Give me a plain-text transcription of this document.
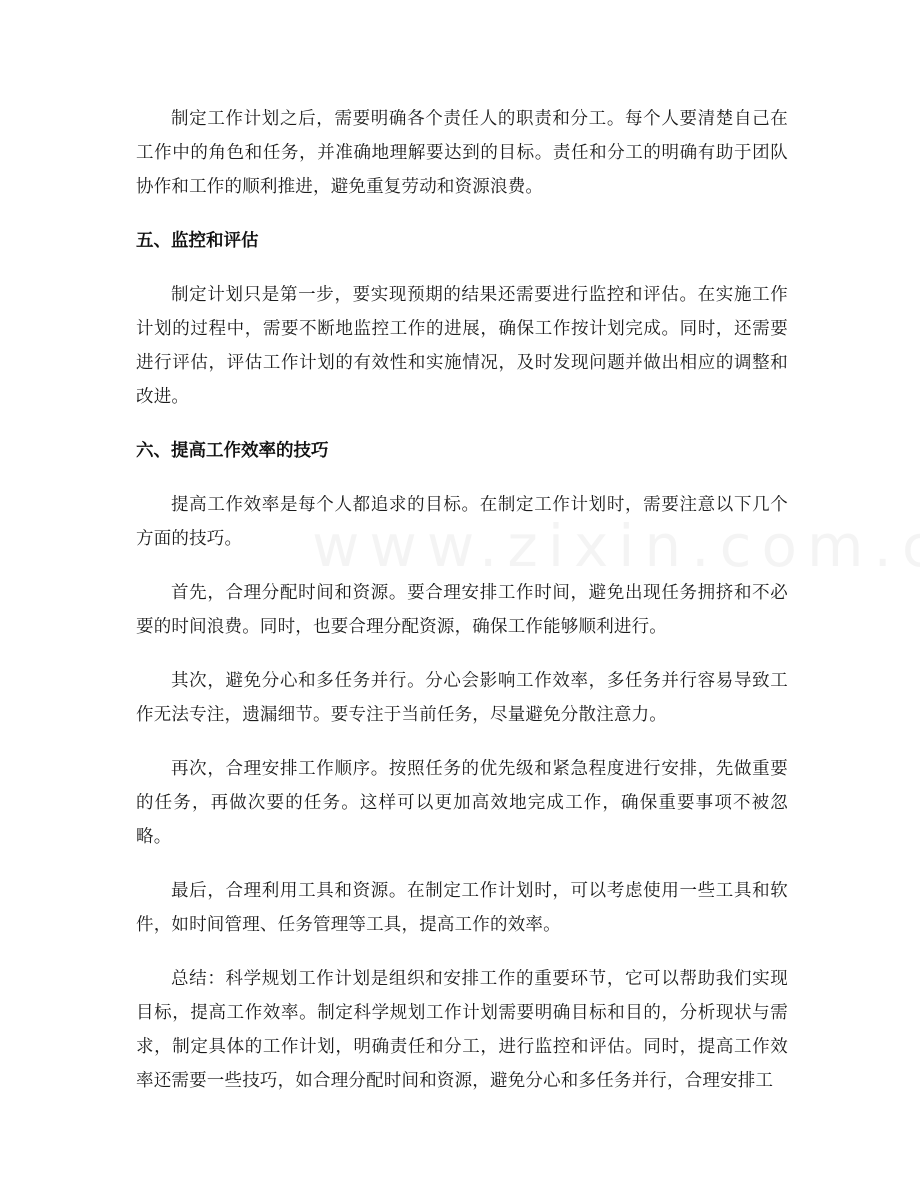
制定工作计划之后，需要明确各个责任人的职责和分工。每个人要清楚自己在工作中的角色和任务，并准确地理解要达到的目标。责任和分工的明确有助于团队协作和工作的顺利推进，避免重复劳动和资源浪费。

五、监控和评估

制定计划只是第一步，要实现预期的结果还需要进行监控和评估。在实施工作计划的过程中，需要不断地监控工作的进展，确保工作按计划完成。同时，还需要进行评估，评估工作计划的有效性和实施情况，及时发现问题并做出相应的调整和改进。

六、提高工作效率的技巧

提高工作效率是每个人都追求的目标。在制定工作计划时，需要注意以下几个方面的技巧。

首先，合理分配时间和资源。要合理安排工作时间，避免出现任务拥挤和不必要的时间浪费。同时，也要合理分配资源，确保工作能够顺利进行。

其次，避免分心和多任务并行。分心会影响工作效率，多任务并行容易导致工作无法专注，遗漏细节。要专注于当前任务，尽量避免分散注意力。

再次，合理安排工作顺序。按照任务的优先级和紧急程度进行安排，先做重要的任务，再做次要的任务。这样可以更加高效地完成工作，确保重要事项不被忽略。

最后，合理利用工具和资源。在制定工作计划时，可以考虑使用一些工具和软件，如时间管理、任务管理等工具，提高工作的效率。

总结：科学规划工作计划是组织和安排工作的重要环节，它可以帮助我们实现目标，提高工作效率。制定科学规划工作计划需要明确目标和目的，分析现状与需求，制定具体的工作计划，明确责任和分工，进行监控和评估。同时，提高工作效率还需要一些技巧，如合理分配时间和资源，避免分心和多任务并行，合理安排工
